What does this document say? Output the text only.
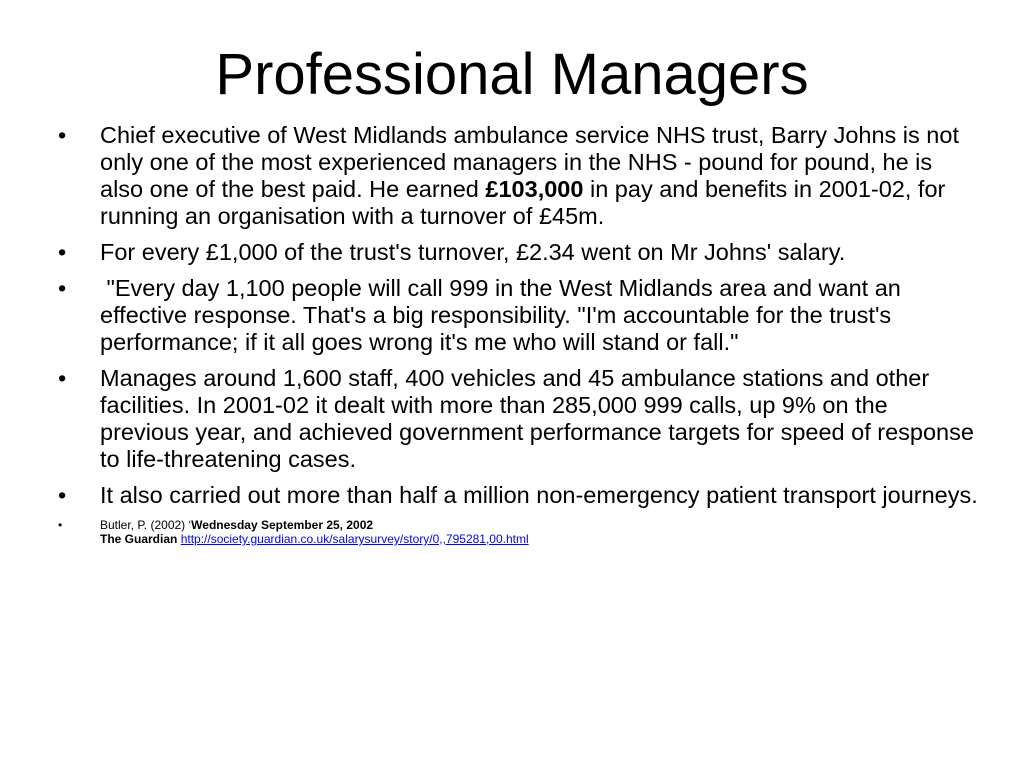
Professional Managers
•	Chief executive of West Midlands ambulance service NHS trust, Barry Johns is not only one of the most experienced managers in the NHS - pound for pound, he is also one of the best paid. He earned £103,000 in pay and benefits in 2001-02, for running an organisation with a turnover of £45m.
•	For every £1,000 of the trust's turnover, £2.34 went on Mr Johns' salary.
•	"Every day 1,100 people will call 999 in the West Midlands area and want an effective response. That's a big responsibility. "I'm accountable for the trust's performance; if it all goes wrong it's me who will stand or fall."
•	Manages around 1,600 staff, 400 vehicles and 45 ambulance stations and other facilities. In 2001-02 it dealt with more than 285,000 999 calls, up 9% on the previous year, and achieved government performance targets for speed of response to life-threatening cases.
•	It also carried out more than half a million non-emergency patient transport journeys.
•	Butler, P. (2002) ‘Wednesday September 25, 2002
The Guardian http://society.guardian.co.uk/salarysurvey/story/0,,795281,00.html
